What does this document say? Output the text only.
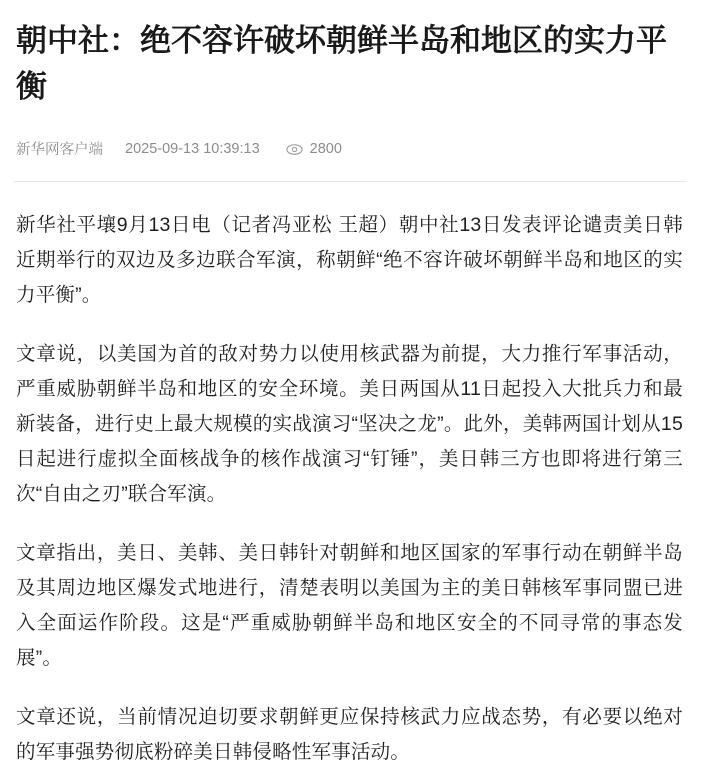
朝中社：绝不容许破坏朝鲜半岛和地区的实力平衡
新华网客户端 2025-09-13 10:39:13	2800

新华社平壤9月13日电（记者冯亚松 王超）朝中社13日发表评论谴责美日韩近期举行的双边及多边联合军演，称朝鲜“绝不容许破坏朝鲜半岛和地区的实力平衡”。

文章说，以美国为首的敌对势力以使用核武器为前提，大力推行军事活动，严重威胁朝鲜半岛和地区的安全环境。美日两国从11日起投入大批兵力和最新装备，进行史上最大规模的实战演习“坚决之龙”。此外，美韩两国计划从15日起进行虚拟全面核战争的核作战演习“钉锤”，美日韩三方也即将进行第三次“自由之刃”联合军演。

文章指出，美日、美韩、美日韩针对朝鲜和地区国家的军事行动在朝鲜半岛及其周边地区爆发式地进行，清楚表明以美国为主的美日韩核军事同盟已进入全面运作阶段。这是“严重威胁朝鲜半岛和地区安全的不同寻常的事态发展”。

文章还说，当前情况迫切要求朝鲜更应保持核武力应战态势，有必要以绝对的军事强势彻底粉碎美日韩侵略性军事活动。
